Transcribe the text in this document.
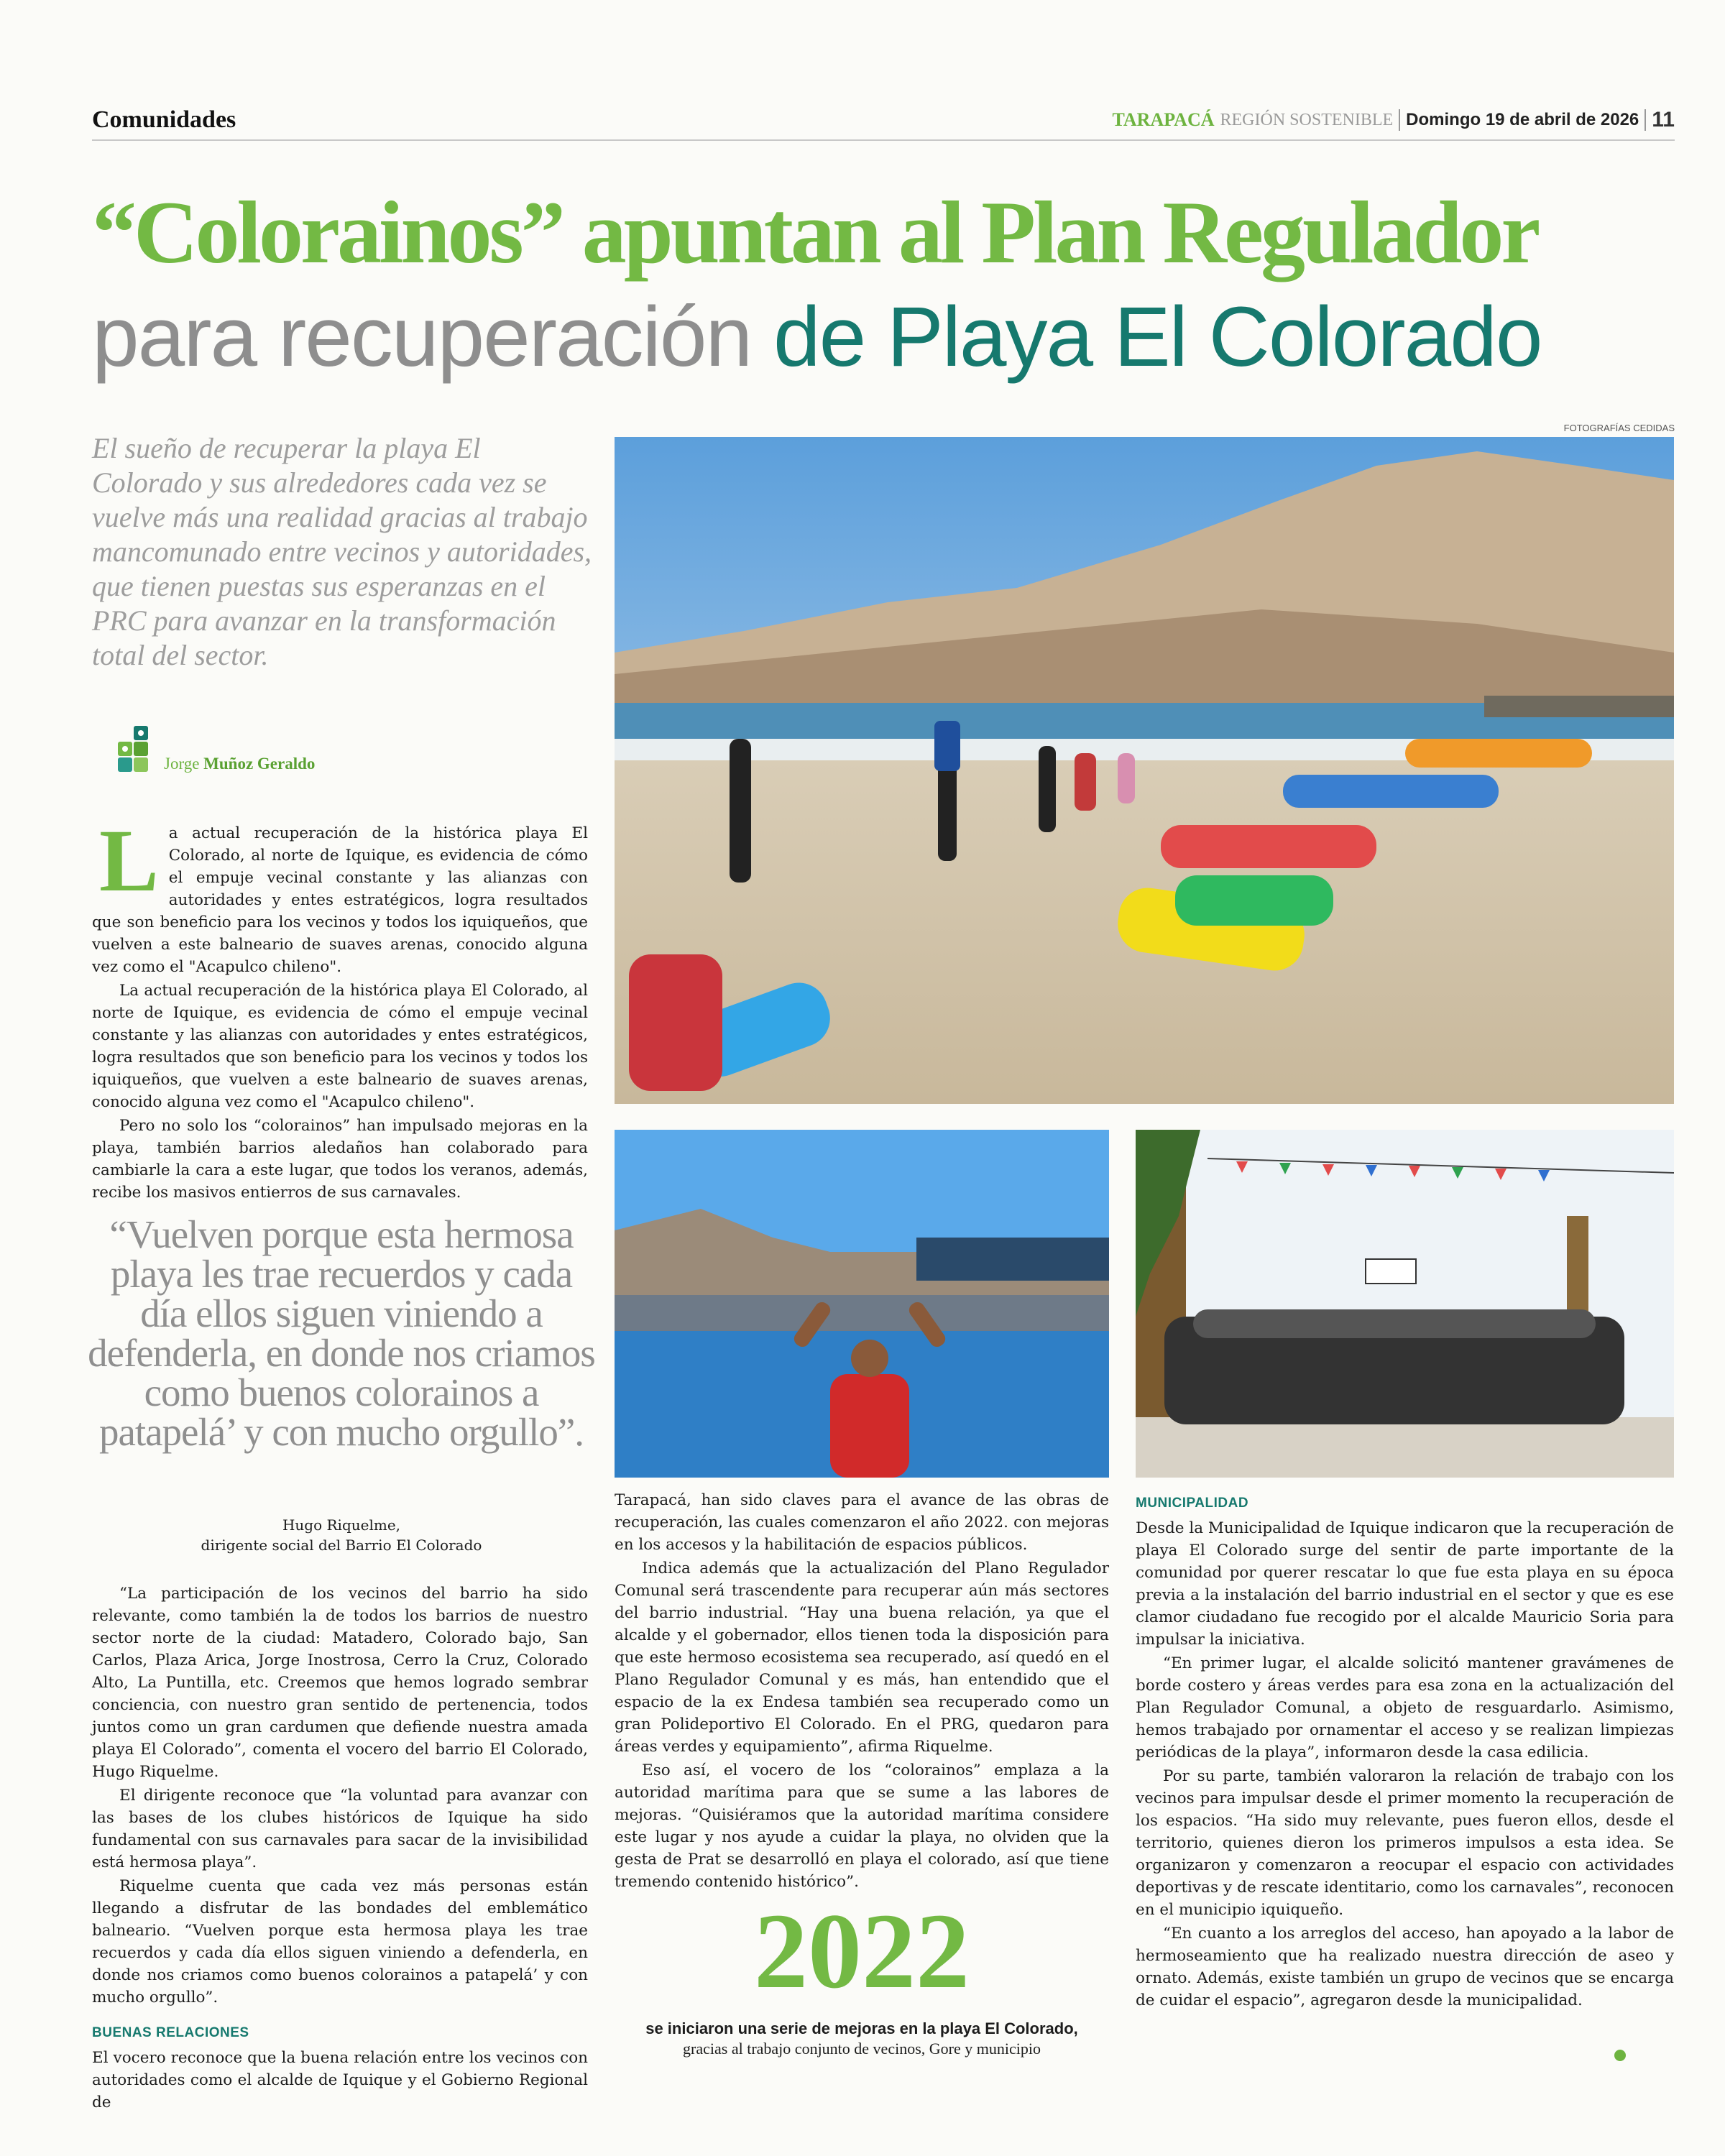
Comunidades	TARAPACÁ REGIÓN SOSTENIBLE Domingo 19 de abril de 2026 11
“Colorainos” apuntan al Plan Regulador
para recuperación de Playa El Colorado
El sueño de recuperar la playa El Colorado y sus alrededores cada vez se vuelve más una realidad gracias al trabajo mancomunado entre vecinos y autoridades, que tienen puestas sus esperanzas en el PRC para avanzar en la transformación total del sector.
FOTOGRAFÍAS CEDIDAS
Jorge Muñoz Geraldo
L a actual recuperación de la histórica playa El Colorado, al norte de Iquique, es evidencia de cómo el empuje vecinal constante y las alianzas con autoridades y entes estratégicos, logra resultados que son beneficio para los vecinos y todos los iquiqueños, que vuelven a este balneario de suaves arenas, conocido alguna vez como el "Acapulco chileno".

La actual recuperación de la histórica playa El Colorado, al norte de Iquique, es evidencia de cómo el empuje vecinal constante y las alianzas con autoridades y entes estratégicos, logra resultados que son beneficio para los vecinos y todos los iquiqueños, que vuelven a este balneario de suaves arenas, conocido alguna vez como el "Acapulco chileno".

Pero no solo los “colorainos” han impulsado mejoras en la playa, también barrios aledaños han colaborado para cambiarle la cara a este lugar, que todos los veranos, además, recibe los masivos entierros de sus carnavales.

“Vuelven porque esta hermosa playa les trae recuerdos y cada día ellos siguen viniendo a defenderla, en donde nos criamos como buenos colorainos a patapelá’ y con mucho orgullo”.
Hugo Riquelme,
dirigente social del Barrio El Colorado

“La participación de los vecinos del barrio ha sido relevante, como también la de todos los barrios de nuestro sector norte de la ciudad: Matadero, Colorado bajo, San Carlos, Plaza Arica, Jorge Inostrosa, Cerro la Cruz, Colorado Alto, La Puntilla, etc. Creemos que hemos logrado sembrar conciencia, con nuestro gran sentido de pertenencia, todos juntos como un gran cardumen que defiende nuestra amada playa El Colorado”, comenta el vocero del barrio El Colorado, Hugo Riquelme.

El dirigente reconoce que “la voluntad para avanzar con las bases de los clubes históricos de Iquique ha sido fundamental con sus carnavales para sacar de la invisibilidad está hermosa playa”.

Riquelme cuenta que cada vez más personas están llegando a disfrutar de las bondades del emblemático balneario. “Vuelven porque esta hermosa playa les trae recuerdos y cada día ellos siguen viniendo a defenderla, en donde nos criamos como buenos colorainos a patapelá’ y con mucho orgullo”.

BUENAS RELACIONES

El vocero reconoce que la buena relación entre los vecinos con autoridades como el alcalde de Iquique y el Gobierno Regional de

Tarapacá, han sido claves para el avance de las obras de recuperación, las cuales comenzaron el año 2022. con mejoras en los accesos y la habilitación de espacios públicos.

Indica además que la actualización del Plano Regulador Comunal será trascendente para recuperar aún más sectores del barrio industrial. “Hay una buena relación, ya que el alcalde y el gobernador, ellos tienen toda la disposición para que este hermoso ecosistema sea recuperado, así quedó en el Plano Regulador Comunal y es más, han entendido que el espacio de la ex Endesa también sea recuperado como un gran Polideportivo El Colorado. En el PRG, quedaron para áreas verdes y equipamiento”, afirma Riquelme.

Eso así, el vocero de los “colorainos” emplaza a la autoridad marítima para que se sume a las labores de mejoras. “Quisiéramos que la autoridad marítima considere este lugar y nos ayude a cuidar la playa, no olviden que la gesta de Prat se desarrolló en playa el colorado, así que tiene tremendo contenido histórico”.

2022
se iniciaron una serie de mejoras en la playa El Colorado,
gracias al trabajo conjunto de vecinos, Gore y municipio
MUNICIPALIDAD

Desde la Municipalidad de Iquique indicaron que la recuperación de playa El Colorado surge del sentir de parte importante de la comunidad por querer rescatar lo que fue esta playa en su época previa a la instalación del barrio industrial en el sector y que es ese clamor ciudadano fue recogido por el alcalde Mauricio Soria para impulsar la iniciativa.

“En primer lugar, el alcalde solicitó mantener gravámenes de borde costero y áreas verdes para esa zona en la actualización del Plan Regulador Comunal, a objeto de resguardarlo. Asimismo, hemos trabajado por ornamentar el acceso y se realizan limpiezas periódicas de la playa”, informaron desde la casa edilicia.

Por su parte, también valoraron la relación de trabajo con los vecinos para impulsar desde el primer momento la recuperación de los espacios. “Ha sido muy relevante, pues fueron ellos, desde el territorio, quienes dieron los primeros impulsos a esta idea. Se organizaron y comenzaron a reocupar el espacio con actividades deportivas y de rescate identitario, como los carnavales”, reconocen en el municipio iquiqueño.

“En cuanto a los arreglos del acceso, han apoyado a la labor de hermoseamiento que ha realizado nuestra dirección de aseo y ornato. Además, existe también un grupo de vecinos que se encarga de cuidar el espacio”, agregaron desde la municipalidad.
